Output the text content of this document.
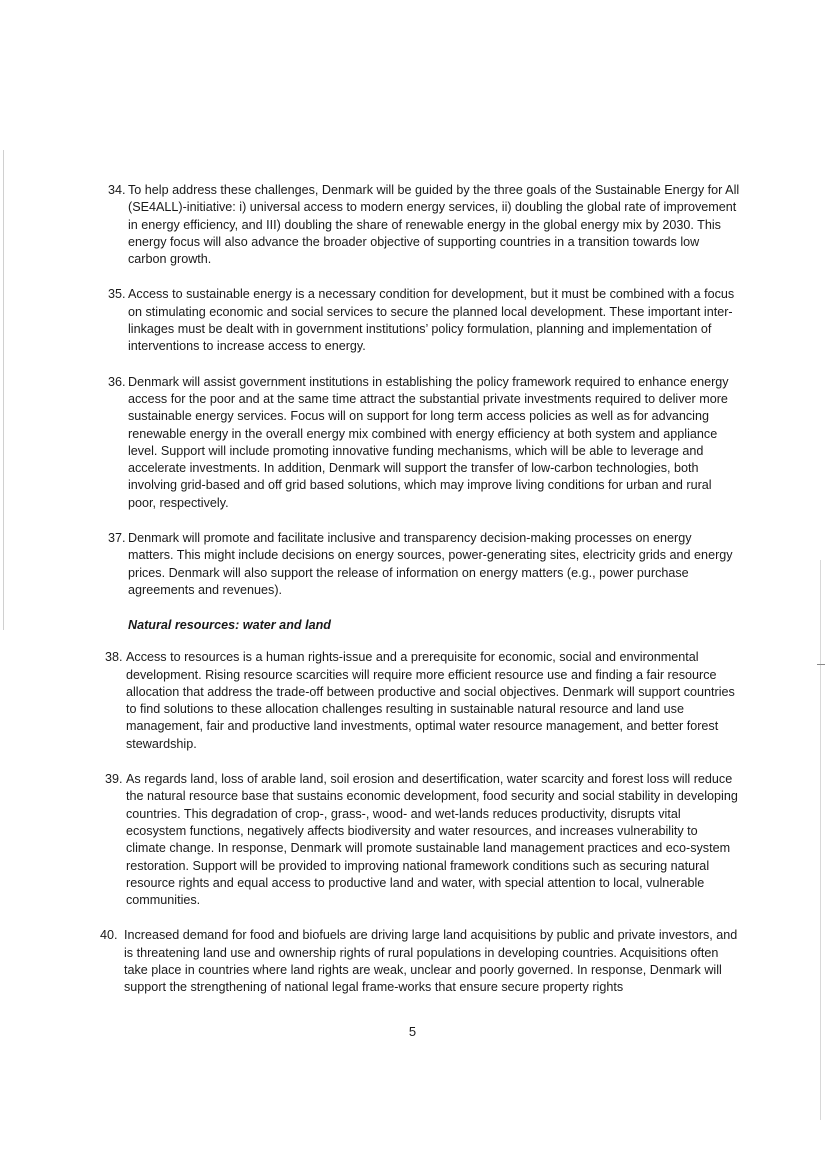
34. To help address these challenges, Denmark will be guided by the three goals of the Sustainable Energy for All (SE4ALL)-initiative: i) universal access to modern energy services, ii) doubling the global rate of improvement in energy efficiency, and III) doubling the share of renewable energy in the global energy mix by 2030. This energy focus will also advance the broader objective of supporting countries in a transition towards low carbon growth.
35. Access to sustainable energy is a necessary condition for development, but it must be combined with a focus on stimulating economic and social services to secure the planned local development. These important inter-linkages must be dealt with in government institutions’ policy formulation, planning and implementation of interventions to increase access to energy.
36. Denmark will assist government institutions in establishing the policy framework required to enhance energy access for the poor and at the same time attract the substantial private investments required to deliver more sustainable energy services. Focus will on support for long term access policies as well as for advancing renewable energy in the overall energy mix combined with energy efficiency at both system and appliance level. Support will include promoting innovative funding mechanisms, which will be able to leverage and accelerate investments. In addition, Denmark will support the transfer of low-carbon technologies, both involving grid-based and off grid based solutions, which may improve living conditions for urban and rural poor, respectively.
37. Denmark will promote and facilitate inclusive and transparency decision-making processes on energy matters. This might include decisions on energy sources, power-generating sites, electricity grids and energy prices. Denmark will also support the release of information on energy matters (e.g., power purchase agreements and revenues).
Natural resources: water and land
38. Access to resources is a human rights-issue and a prerequisite for economic, social and environmental development. Rising resource scarcities will require more efficient resource use and finding a fair resource allocation that address the trade-off between productive and social objectives. Denmark will support countries to find solutions to these allocation challenges resulting in sustainable natural resource and land use management, fair and productive land investments, optimal water resource management, and better forest stewardship.
39. As regards land, loss of arable land, soil erosion and desertification, water scarcity and forest loss will reduce the natural resource base that sustains economic development, food security and social stability in developing countries. This degradation of crop-, grass-, wood- and wet-lands reduces productivity, disrupts vital ecosystem functions, negatively affects biodiversity and water resources, and increases vulnerability to climate change. In response, Denmark will promote sustainable land management practices and eco-system restoration. Support will be provided to improving national framework conditions such as securing natural resource rights and equal access to productive land and water, with special attention to local, vulnerable communities.
40. Increased demand for food and biofuels are driving large land acquisitions by public and private investors, and is threatening land use and ownership rights of rural populations in developing countries. Acquisitions often take place in countries where land rights are weak, unclear and poorly governed. In response, Denmark will support the strengthening of national legal frame-works that ensure secure property rights
5
